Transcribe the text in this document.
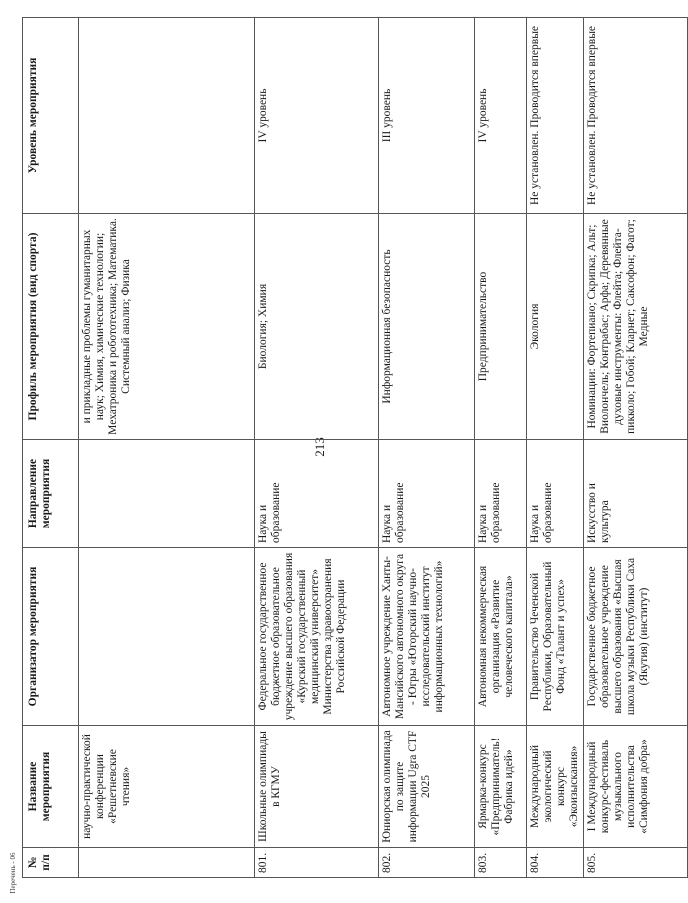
213
№ п/п	Название мероприятия	Организатор мероприятия	Направление мероприятия	Профиль мероприятия (вид спорта)	Уровень мероприятия
	научно-практической конференции «Решетневские чтения»			и прикладные проблемы гуманитарных наук; Химия, химические технологии; Мехатроника и робототехника; Математика. Системный анализ; Физика	
801.	Школьные олимпиады в КГМУ	Федеральное государственное бюджетное образовательное учреждение высшего образования «Курский государственный медицинский университет» Министерства здравоохранения Российской Федерации	Наука и образование	Биология; Химия	IV уровень
802.	Юниорская олимпиада по защите информации Ugra CTF 2025	Автономное учреждение Ханты-Мансийского автономного округа - Югры «Югорский научно-исследовательский институт информационных технологий»	Наука и образование	Информационная безопасность	III уровень
803.	Ярмарка-конкурс «Предприниматель! Фабрика идей»	Автономная некоммерческая организация «Развитие человеческого капитала»	Наука и образование	Предпринимательство	IV уровень
804.	Международный экологический конкурс «Экоизыскания»	Правительство Чеченской Республики, Образовательный Фонд «Талант и успех»	Наука и образование	Экология	Не установлен. Проводится впервые
805.	I Международный конкурс-фестиваль музыкального исполнительства «Симфония добра»	Государственное бюджетное образовательное учреждение высшего образования «Высшая школа музыки Республики Саха (Якутия) (институт)	Искусство и культура	Номинации: Фортепиано; Скрипка; Альт; Виолончель; Контрабас; Арфа; Деревянные духовые инструменты: Флейта; Флейта-пикколо; Гобой; Кларнет; Саксофон; Фагот; Медные	Не установлен. Проводится впервые
Перечень - 06
